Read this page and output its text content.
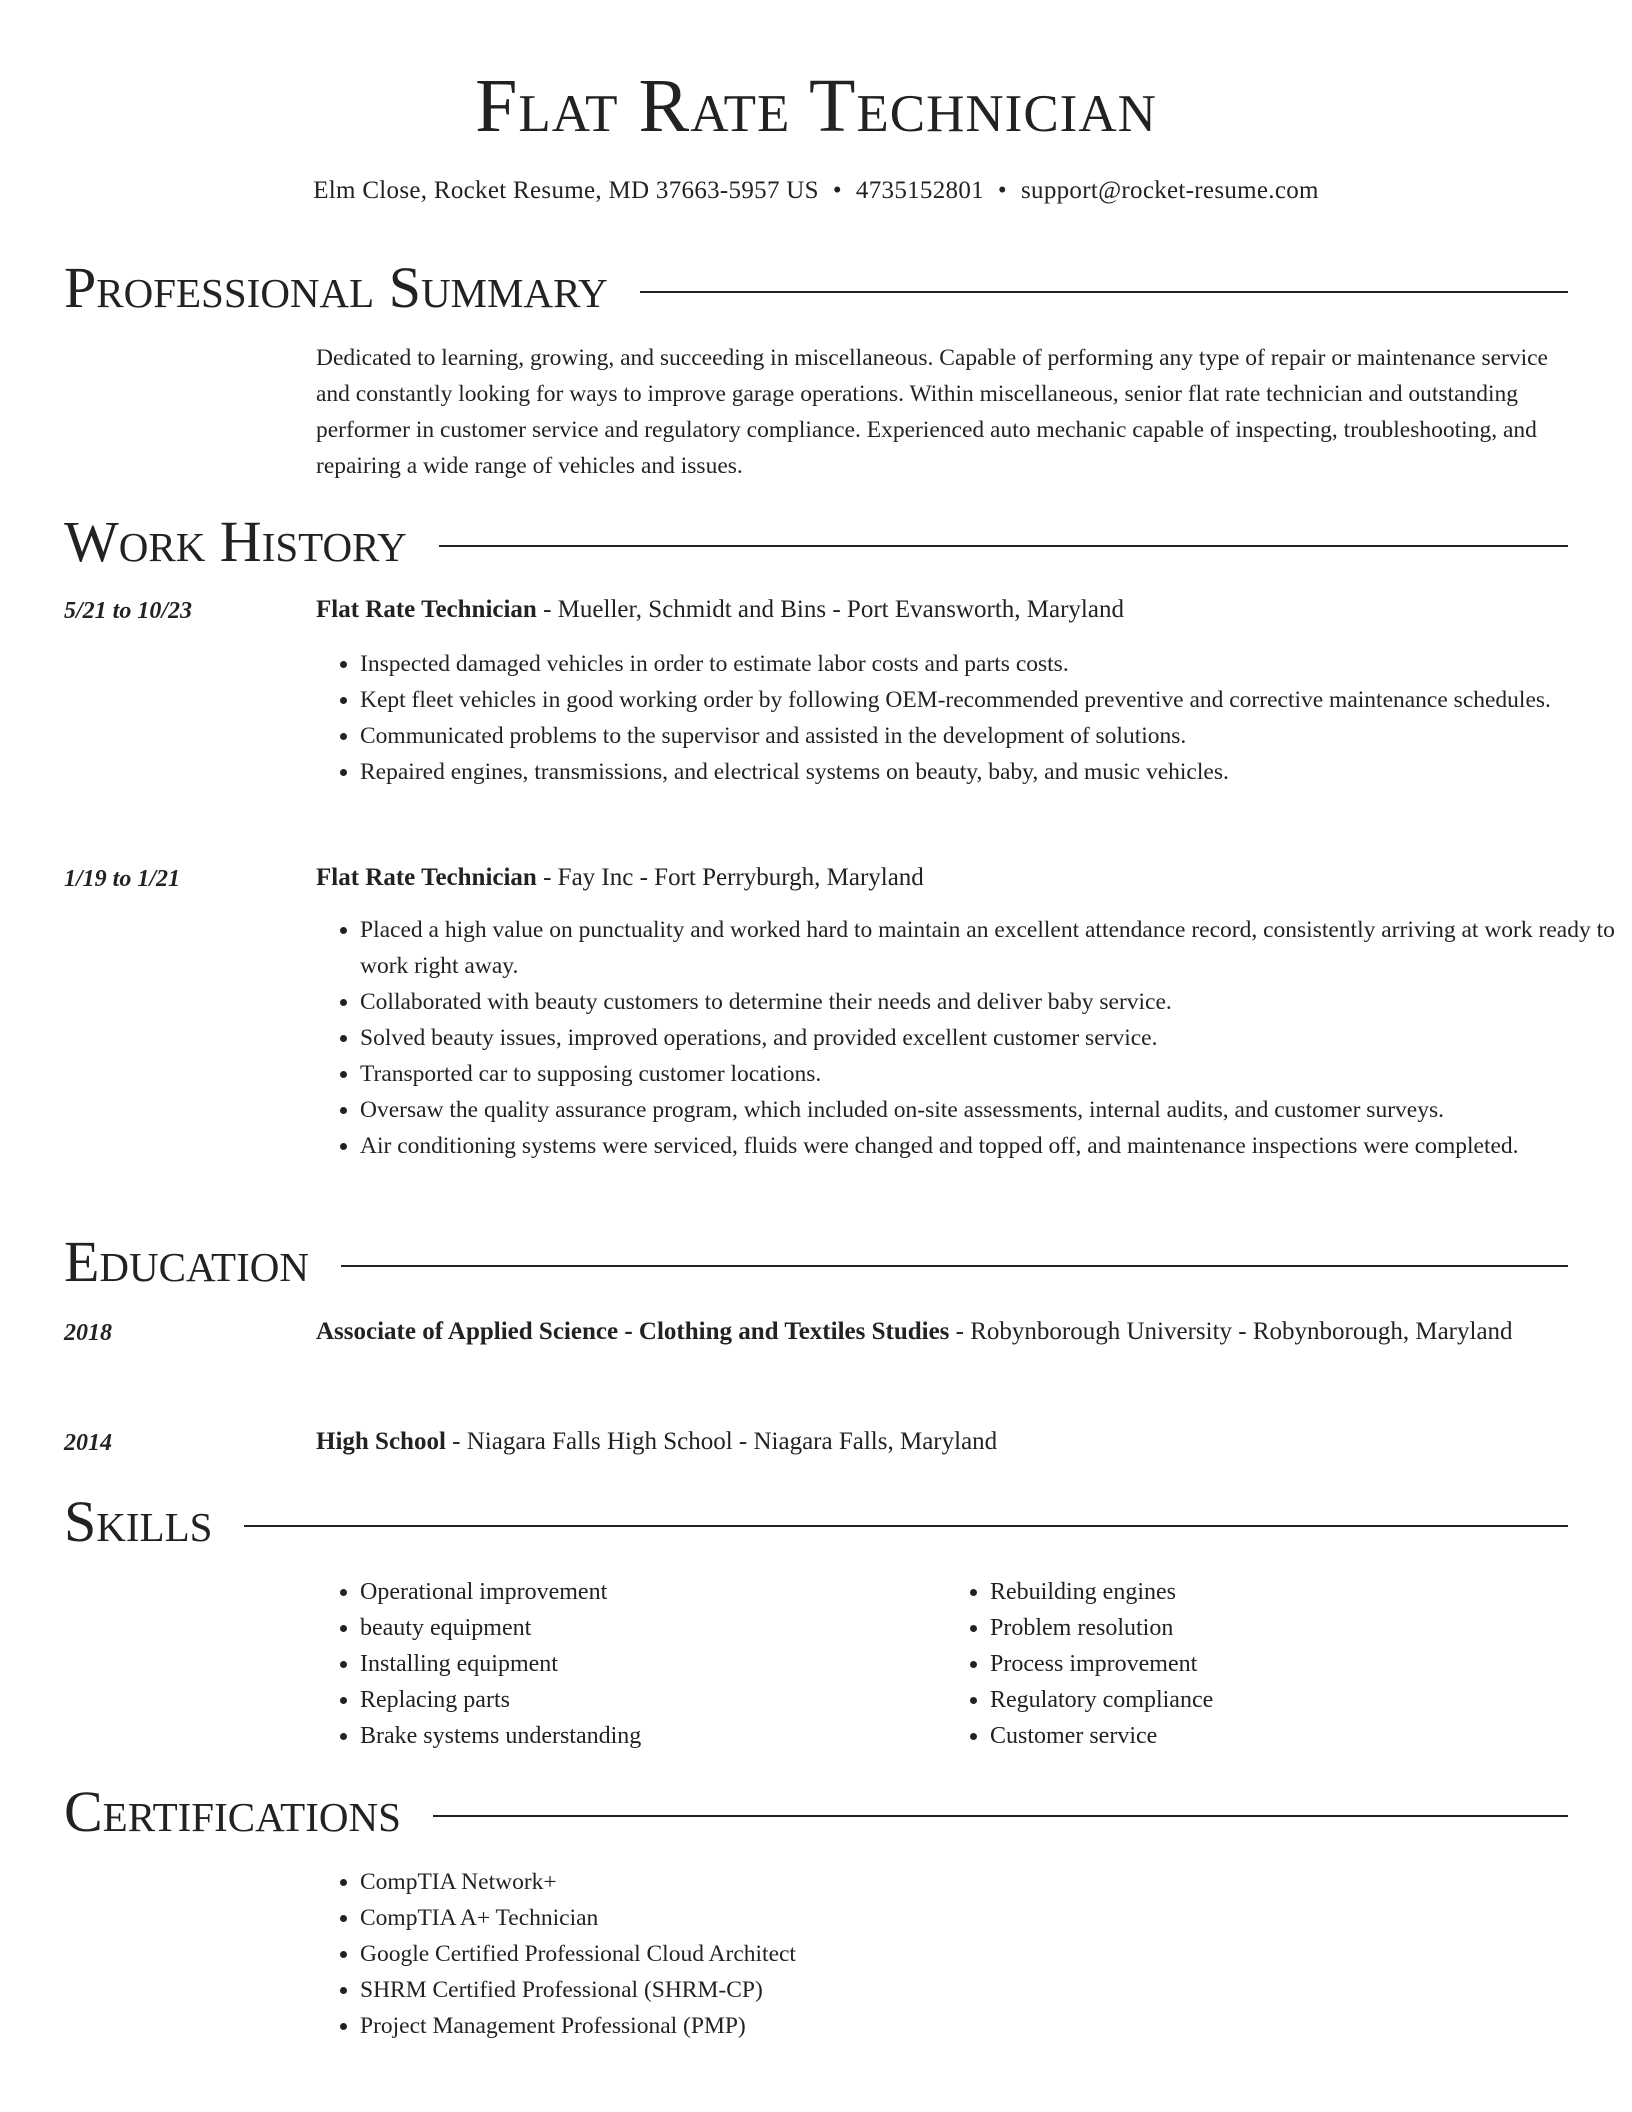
Flat Rate Technician
Elm Close, Rocket Resume, MD 37663-5957 US • 4735152801 • support@rocket-resume.com
Professional Summary

Dedicated to learning, growing, and succeeding in miscellaneous. Capable of performing any type of repair or maintenance service and constantly looking for ways to improve garage operations. Within miscellaneous, senior flat rate technician and outstanding performer in customer service and regulatory compliance. Experienced auto mechanic capable of inspecting, troubleshooting, and repairing a wide range of vehicles and issues.

Work History
5/21 to 10/23	Flat Rate Technician - Mueller, Schmidt and Bins - Port Evansworth, Maryland
• Inspected damaged vehicles in order to estimate labor costs and parts costs.
• Kept fleet vehicles in good working order by following OEM-recommended preventive and corrective maintenance schedules.
• Communicated problems to the supervisor and assisted in the development of solutions.
• Repaired engines, transmissions, and electrical systems on beauty, baby, and music vehicles.
1/19 to 1/21	Flat Rate Technician - Fay Inc - Fort Perryburgh, Maryland
• Placed a high value on punctuality and worked hard to maintain an excellent attendance record, consistently arriving at work ready to work right away.
• Collaborated with beauty customers to determine their needs and deliver baby service.
• Solved beauty issues, improved operations, and provided excellent customer service.
• Transported car to supposing customer locations.
• Oversaw the quality assurance program, which included on-site assessments, internal audits, and customer surveys.
• Air conditioning systems were serviced, fluids were changed and topped off, and maintenance inspections were completed.
Education
2018	Associate of Applied Science - Clothing and Textiles Studies - Robynborough University - Robynborough, Maryland
2014	High School - Niagara Falls High School - Niagara Falls, Maryland
Skills
• Operational improvement
• beauty equipment
• Installing equipment
• Replacing parts
• Brake systems understanding
• Rebuilding engines
• Problem resolution
• Process improvement
• Regulatory compliance
• Customer service
Certifications
• CompTIA Network+
• CompTIA A+ Technician
• Google Certified Professional Cloud Architect
• SHRM Certified Professional (SHRM-CP)
• Project Management Professional (PMP)
